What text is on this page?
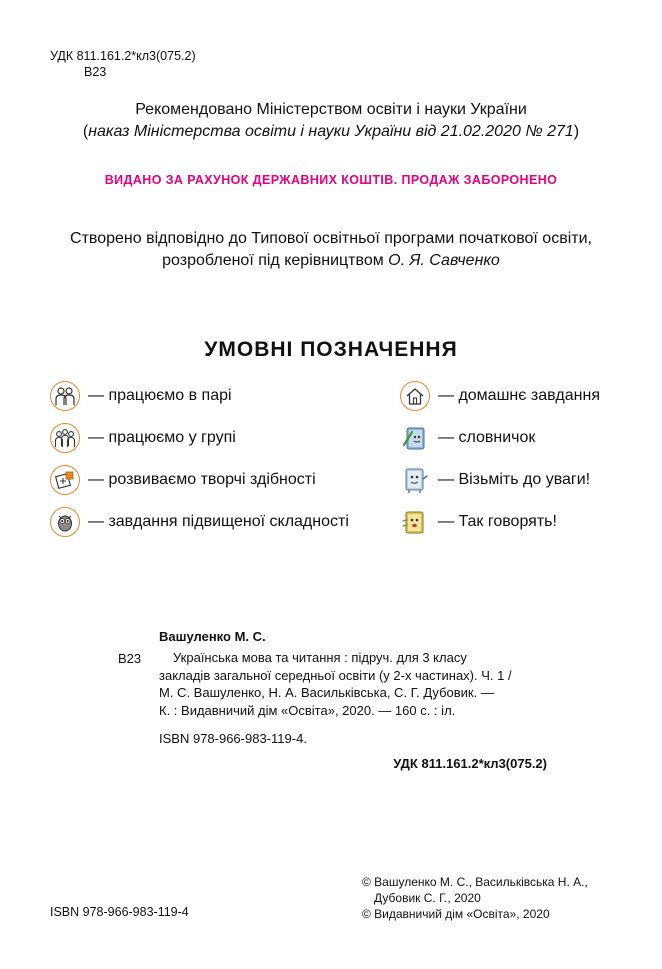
УДК 811.161.2*кл3(075.2)
В23
Рекомендовано Міністерством освіти і науки України
(наказ Міністерства освіти і науки України від 21.02.2020 № 271)
ВИДАНО ЗА РАХУНОК ДЕРЖАВНИХ КОШТІВ. ПРОДАЖ ЗАБОРОНЕНО
Створено відповідно до Типової освітньої програми початкової освіти,
розробленої під керівництвом О. Я. Савченко
УМОВНІ ПОЗНАЧЕННЯ
— працюємо в парі
— працюємо у групі
— розвиваємо творчі здібності
— завдання підвищеної складності
— домашнє завдання
— словничок
— Візьміть до уваги!
— Так говорять!
Вашуленко М. С.
В23	Українська мова та читання : підруч. для 3 класу
закладів загальної середньої освіти (у 2-х частинах). Ч. 1 /
М. С. Вашуленко, Н. А. Васильківська, С. Г. Дубовик. —
К. : Видавничий дім «Освіта», 2020. — 160 с. : іл.
ISBN 978-966-983-119-4.
УДК 811.161.2*кл3(075.2)
© Вашуленко М. С., Васильківська Н. А.,
Дубовик С. Г., 2020
© Видавничий дім «Освіта», 2020
ISBN 978-966-983-119-4
